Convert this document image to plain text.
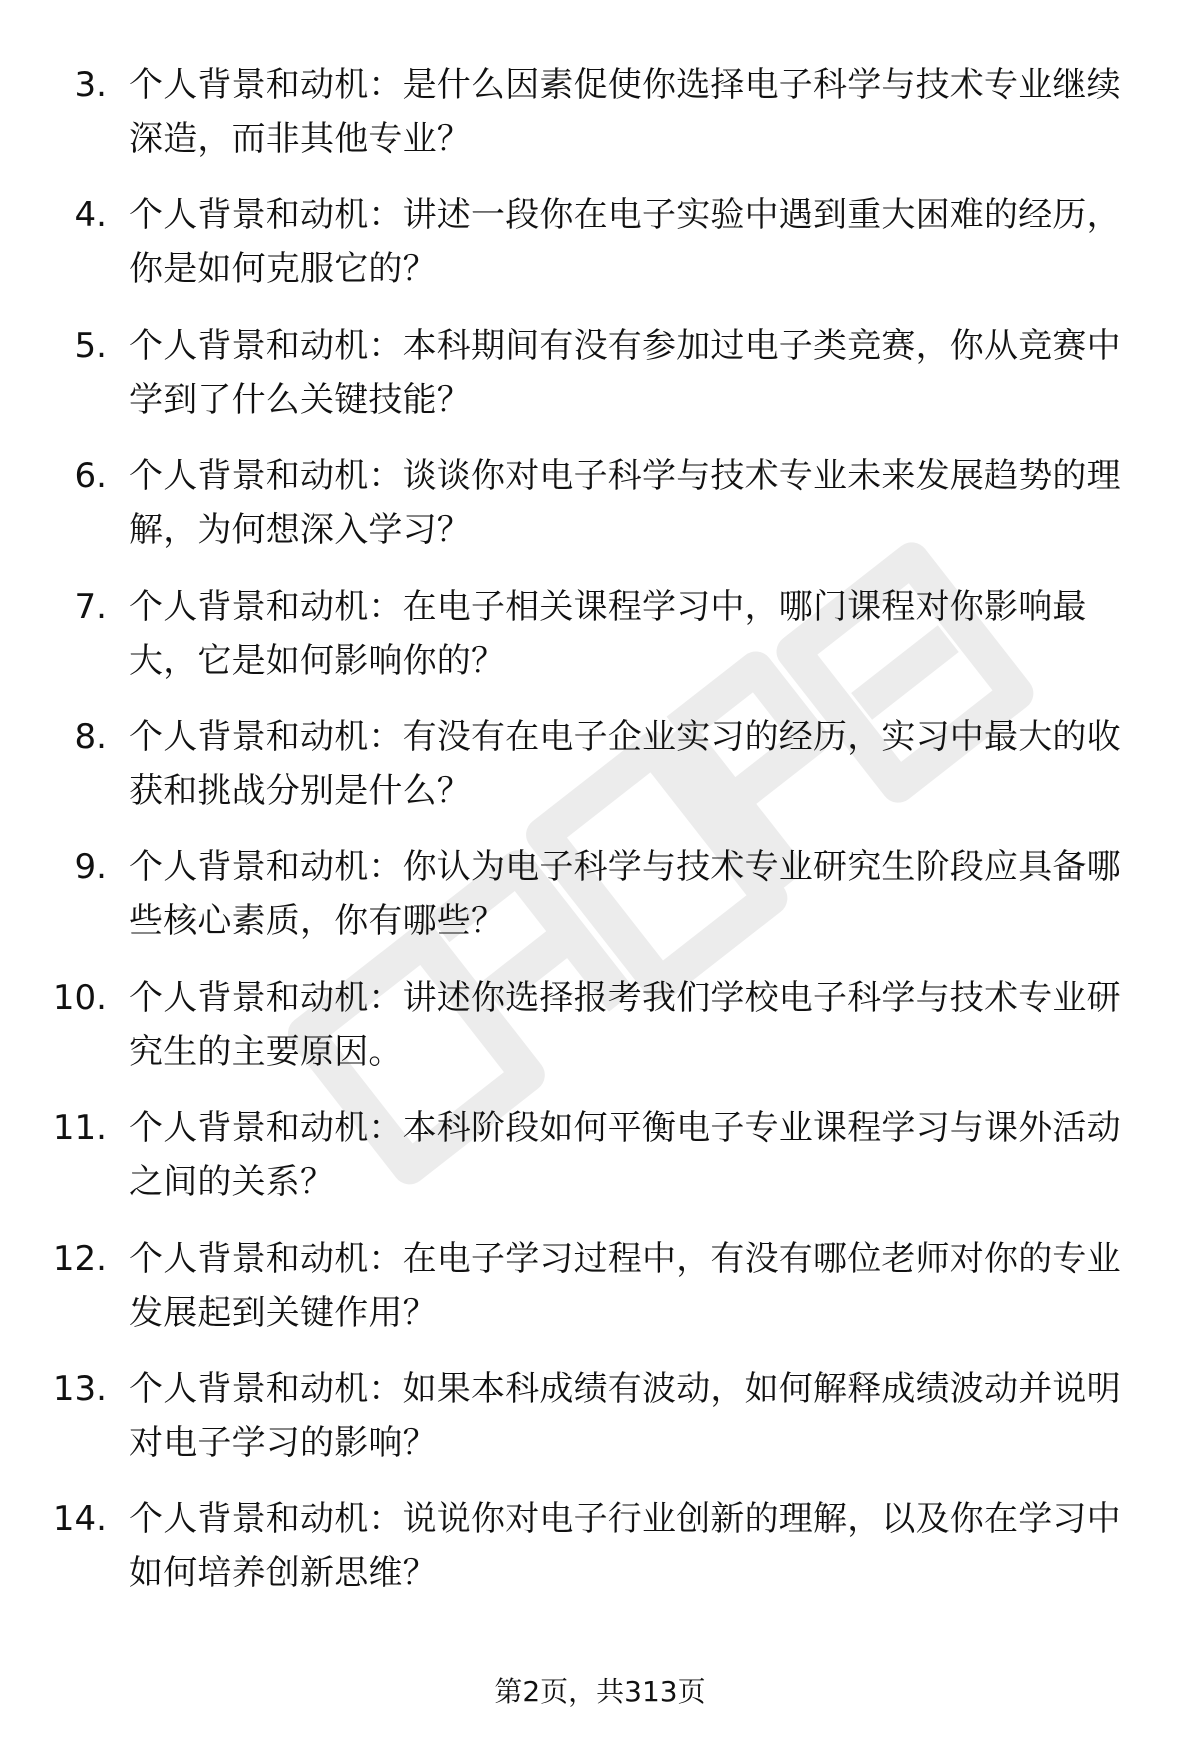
3. 个人背景和动机：是什么因素促使你选择电子科学与技术专业继续深造，而非其他专业？
4. 个人背景和动机：讲述一段你在电子实验中遇到重大困难的经历，你是如何克服它的？
5. 个人背景和动机：本科期间有没有参加过电子类竞赛，你从竞赛中学到了什么关键技能？
6. 个人背景和动机：谈谈你对电子科学与技术专业未来发展趋势的理解，为何想深入学习？
7. 个人背景和动机：在电子相关课程学习中，哪门课程对你影响最大，它是如何影响你的？
8. 个人背景和动机：有没有在电子企业实习的经历，实习中最大的收获和挑战分别是什么？
9. 个人背景和动机：你认为电子科学与技术专业研究生阶段应具备哪些核心素质，你有哪些？
10. 个人背景和动机：讲述你选择报考我们学校电子科学与技术专业研究生的主要原因。
11. 个人背景和动机：本科阶段如何平衡电子专业课程学习与课外活动之间的关系？
12. 个人背景和动机：在电子学习过程中，有没有哪位老师对你的专业发展起到关键作用？
13. 个人背景和动机：如果本科成绩有波动，如何解释成绩波动并说明对电子学习的影响？
14. 个人背景和动机：说说你对电子行业创新的理解，以及你在学习中如何培养创新思维？
第2页，共313页
